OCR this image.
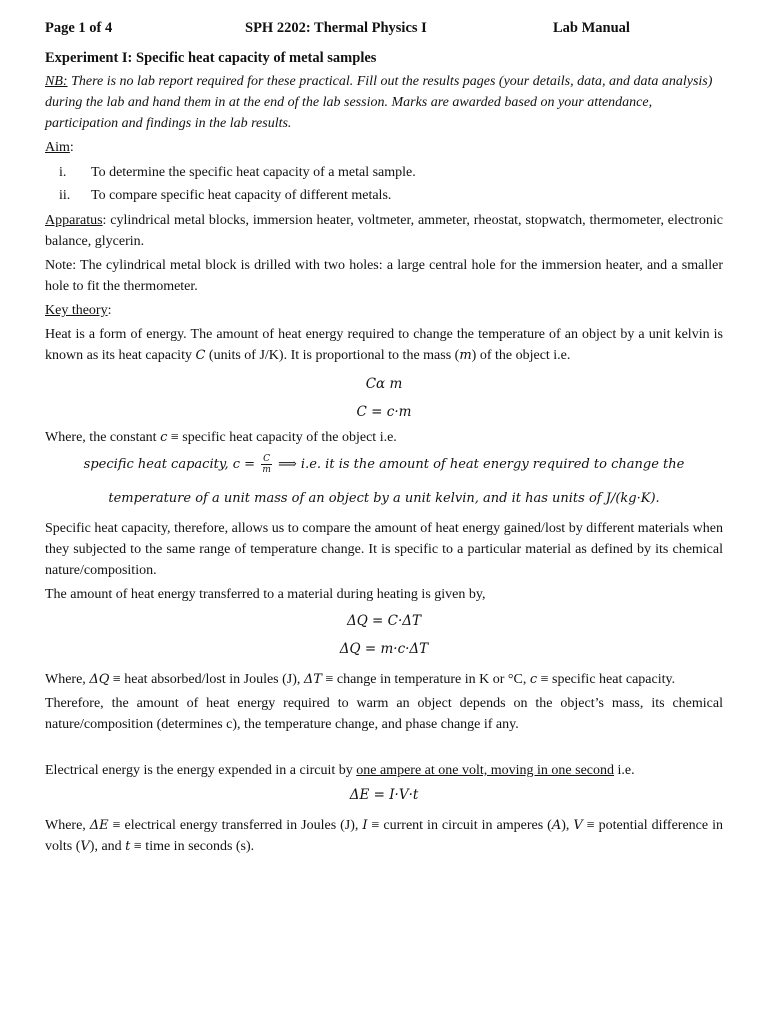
Page 1 of 4	SPH 2202: Thermal Physics I	Lab Manual
Experiment I: Specific heat capacity of metal samples

NB: There is no lab report required for these practical. Fill out the results pages (your details, data, and data analysis) during the lab and hand them in at the end of the lab session. Marks are awarded based on your attendance, participation and findings in the lab results.

Aim:

i. To determine the specific heat capacity of a metal sample.
ii. To compare specific heat capacity of different metals.

Apparatus: cylindrical metal blocks, immersion heater, voltmeter, ammeter, rheostat, stopwatch, thermometer, electronic balance, glycerin.

Note: The cylindrical metal block is drilled with two holes: a large central hole for the immersion heater, and a smaller hole to fit the thermometer.

Key theory:

Heat is a form of energy. The amount of heat energy required to change the temperature of an object by a unit kelvin is known as its heat capacity C (units of J/K). It is proportional to the mass (m) of the object i.e.

Cα m
C = c·m

Where, the constant c ≡ specific heat capacity of the object i.e.

specific heat capacity, $c = \frac{C}{m}$ ⟹ i.e. it is the amount of heat energy required to change the
temperature of a unit mass of an object by a unit kelvin, and it has units of J/(kg·K).

Specific heat capacity, therefore, allows us to compare the amount of heat energy gained/lost by different materials when they subjected to the same range of temperature change. It is specific to a particular material as defined by its chemical nature/composition.

The amount of heat energy transferred to a material during heating is given by,

ΔQ = C·ΔT
ΔQ = m·c·ΔT

Where, ΔQ ≡ heat absorbed/lost in Joules (J), ΔT ≡ change in temperature in K or °C, c ≡ specific heat capacity.

Therefore, the amount of heat energy required to warm an object depends on the object’s mass, its chemical nature/composition (determines c), the temperature change, and phase change if any.

Electrical energy is the energy expended in a circuit by one ampere at one volt, moving in one second i.e.

ΔE = I·V·t

Where, ΔE ≡ electrical energy transferred in Joules (J), I ≡ current in circuit in amperes (A), V ≡ potential difference in volts (V), and t ≡ time in seconds (s).
